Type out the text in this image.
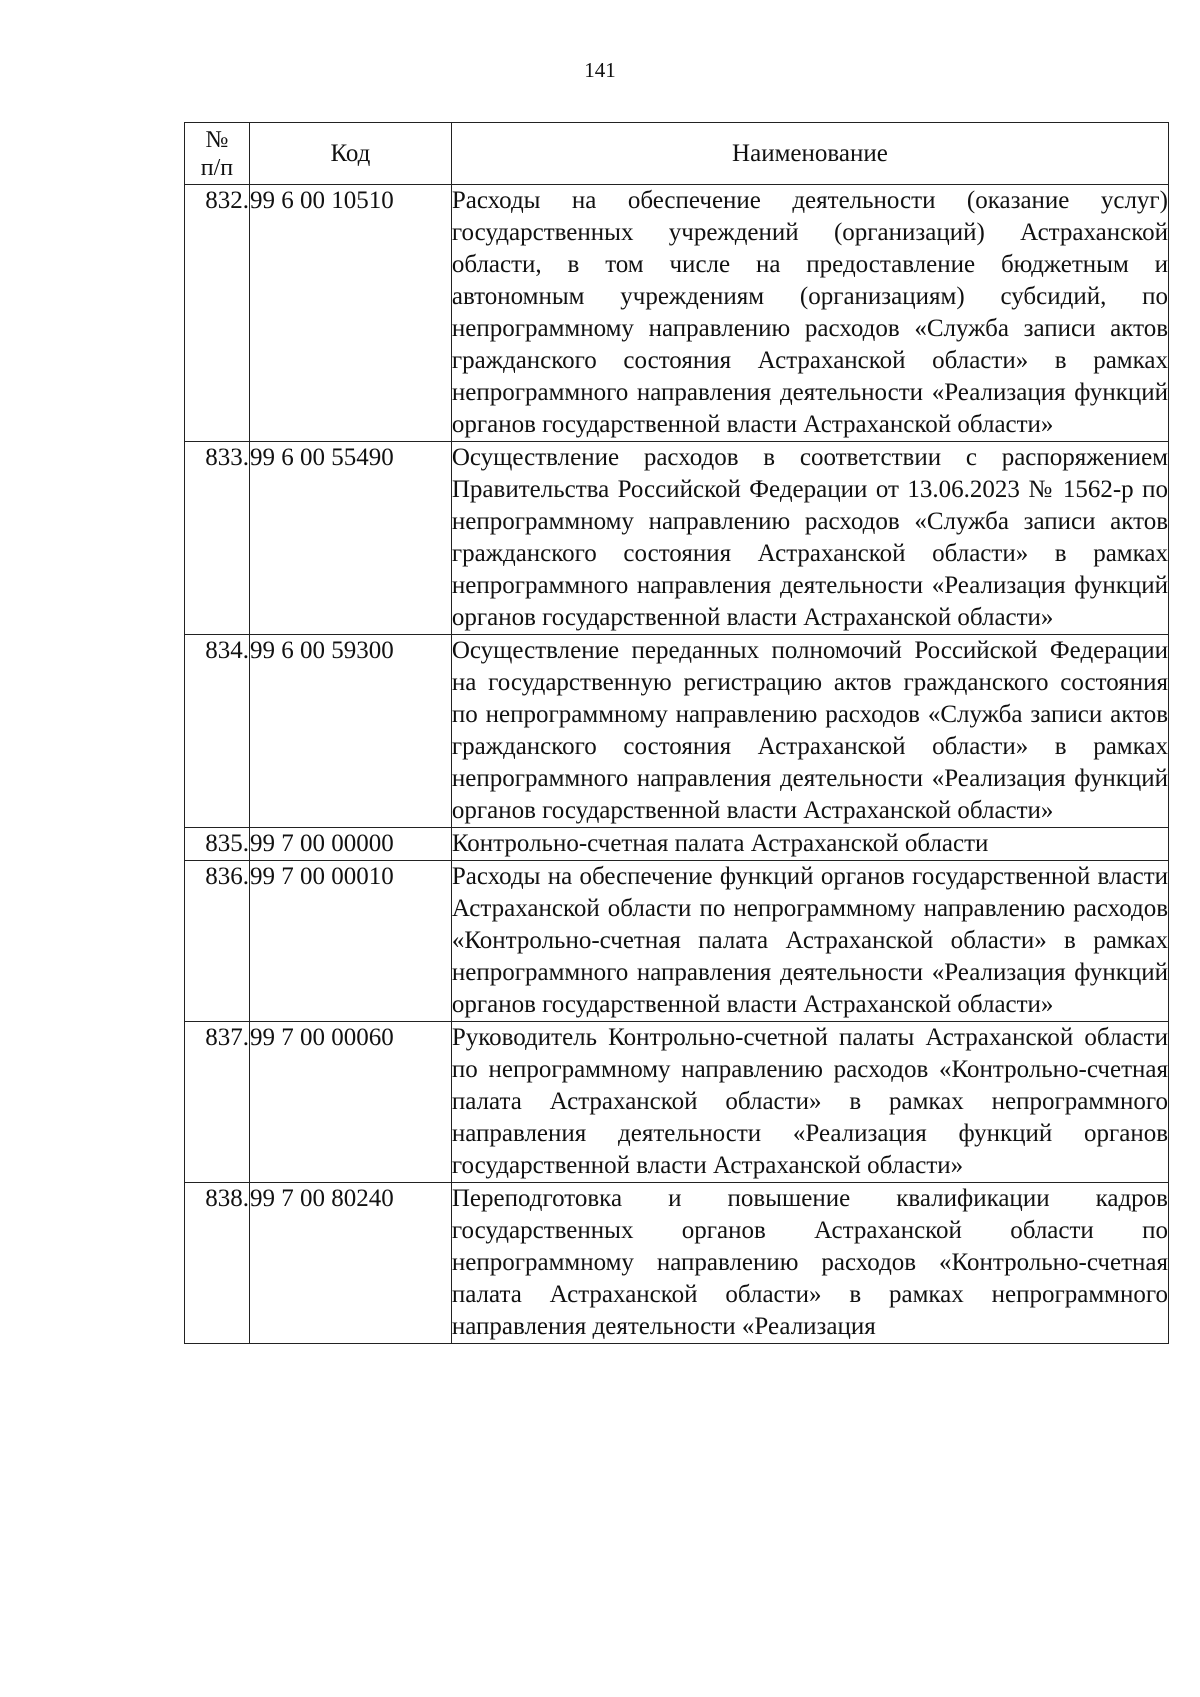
141
№
п/п	Код	Наименование
832.	99 6 00 10510	Расходы на обеспечение деятельности (оказание услуг) государственных учреждений (организаций) Астраханской области, в том числе на предоставление бюджетным и автономным учреждениям (организациям) субсидий, по непрограммному направлению расходов «Служба записи актов гражданского состояния Астраханской области» в рамках непрограммного направления деятельности «Реализация функций органов государственной власти Астраханской области»
833.	99 6 00 55490	Осуществление расходов в соответствии с распоряжением Правительства Российской Федерации от 13.06.2023 № 1562-р по непрограммному направлению расходов «Служба записи актов гражданского состояния Астраханской области» в рамках непрограммного направления деятельности «Реализация функций органов государственной власти Астраханской области»
834.	99 6 00 59300	Осуществление переданных полномочий Российской Федерации на государственную регистрацию актов гражданского состояния по непрограммному направлению расходов «Служба записи актов гражданского состояния Астраханской области» в рамках непрограммного направления деятельности «Реализация функций органов государственной власти Астраханской области»
835.	99 7 00 00000	Контрольно-счетная палата Астраханской области
836.	99 7 00 00010	Расходы на обеспечение функций органов государственной власти Астраханской области по непрограммному направлению расходов «Контрольно-счетная палата Астраханской области» в рамках непрограммного направления деятельности «Реализация функций органов государственной власти Астраханской области»
837.	99 7 00 00060	Руководитель Контрольно-счетной палаты Астраханской области по непрограммному направлению расходов «Контрольно-счетная палата Астраханской области» в рамках непрограммного направления деятельности «Реализация функций органов государственной власти Астраханской области»
838.	99 7 00 80240	Переподготовка и повышение квалификации кадров государственных органов Астраханской области по непрограммному направлению расходов «Контрольно-счетная палата Астраханской области» в рамках непрограммного направления деятельности «Реализация
